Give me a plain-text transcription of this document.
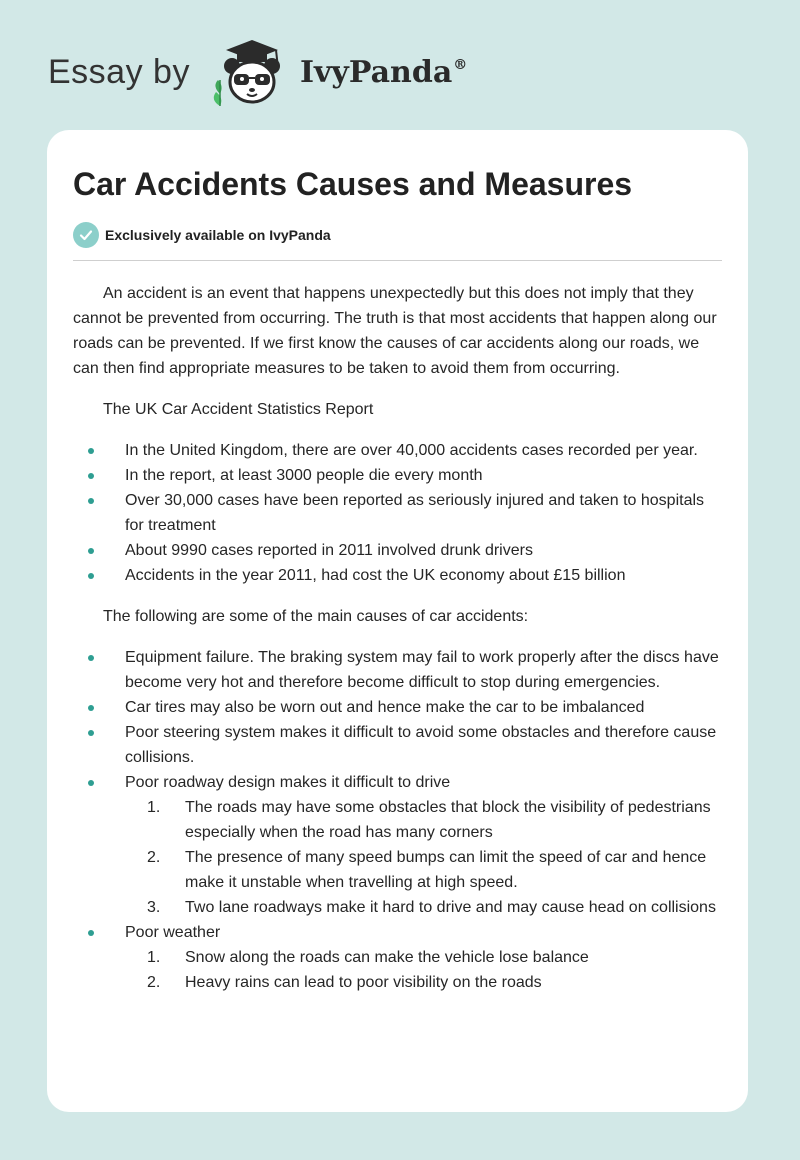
Essay by	IvyPanda®
Car Accidents Causes and Measures
Exclusively available on IvyPanda

An accident is an event that happens unexpectedly but this does not imply that they cannot be prevented from occurring. The truth is that most accidents that happen along our roads can be prevented. If we first know the causes of car accidents along our roads, we can then find appropriate measures to be taken to avoid them from occurring.

The UK Car Accident Statistics Report

In the United Kingdom, there are over 40,000 accidents cases recorded per year.
In the report, at least 3000 people die every month
Over 30,000 cases have been reported as seriously injured and taken to hospitals for treatment
About 9990 cases reported in 2011 involved drunk drivers
Accidents in the year 2011, had cost the UK economy about £15 billion

The following are some of the main causes of car accidents:

Equipment failure. The braking system may fail to work properly after the discs have become very hot and therefore become difficult to stop during emergencies.
Car tires may also be worn out and hence make the car to be imbalanced
Poor steering system makes it difficult to avoid some obstacles and therefore cause collisions.
Poor roadway design makes it difficult to drive
1. The roads may have some obstacles that block the visibility of pedestrians especially when the road has many corners
2. The presence of many speed bumps can limit the speed of car and hence make it unstable when travelling at high speed.
3. Two lane roadways make it hard to drive and may cause head on collisions
Poor weather
1. Snow along the roads can make the vehicle lose balance
2. Heavy rains can lead to poor visibility on the roads
